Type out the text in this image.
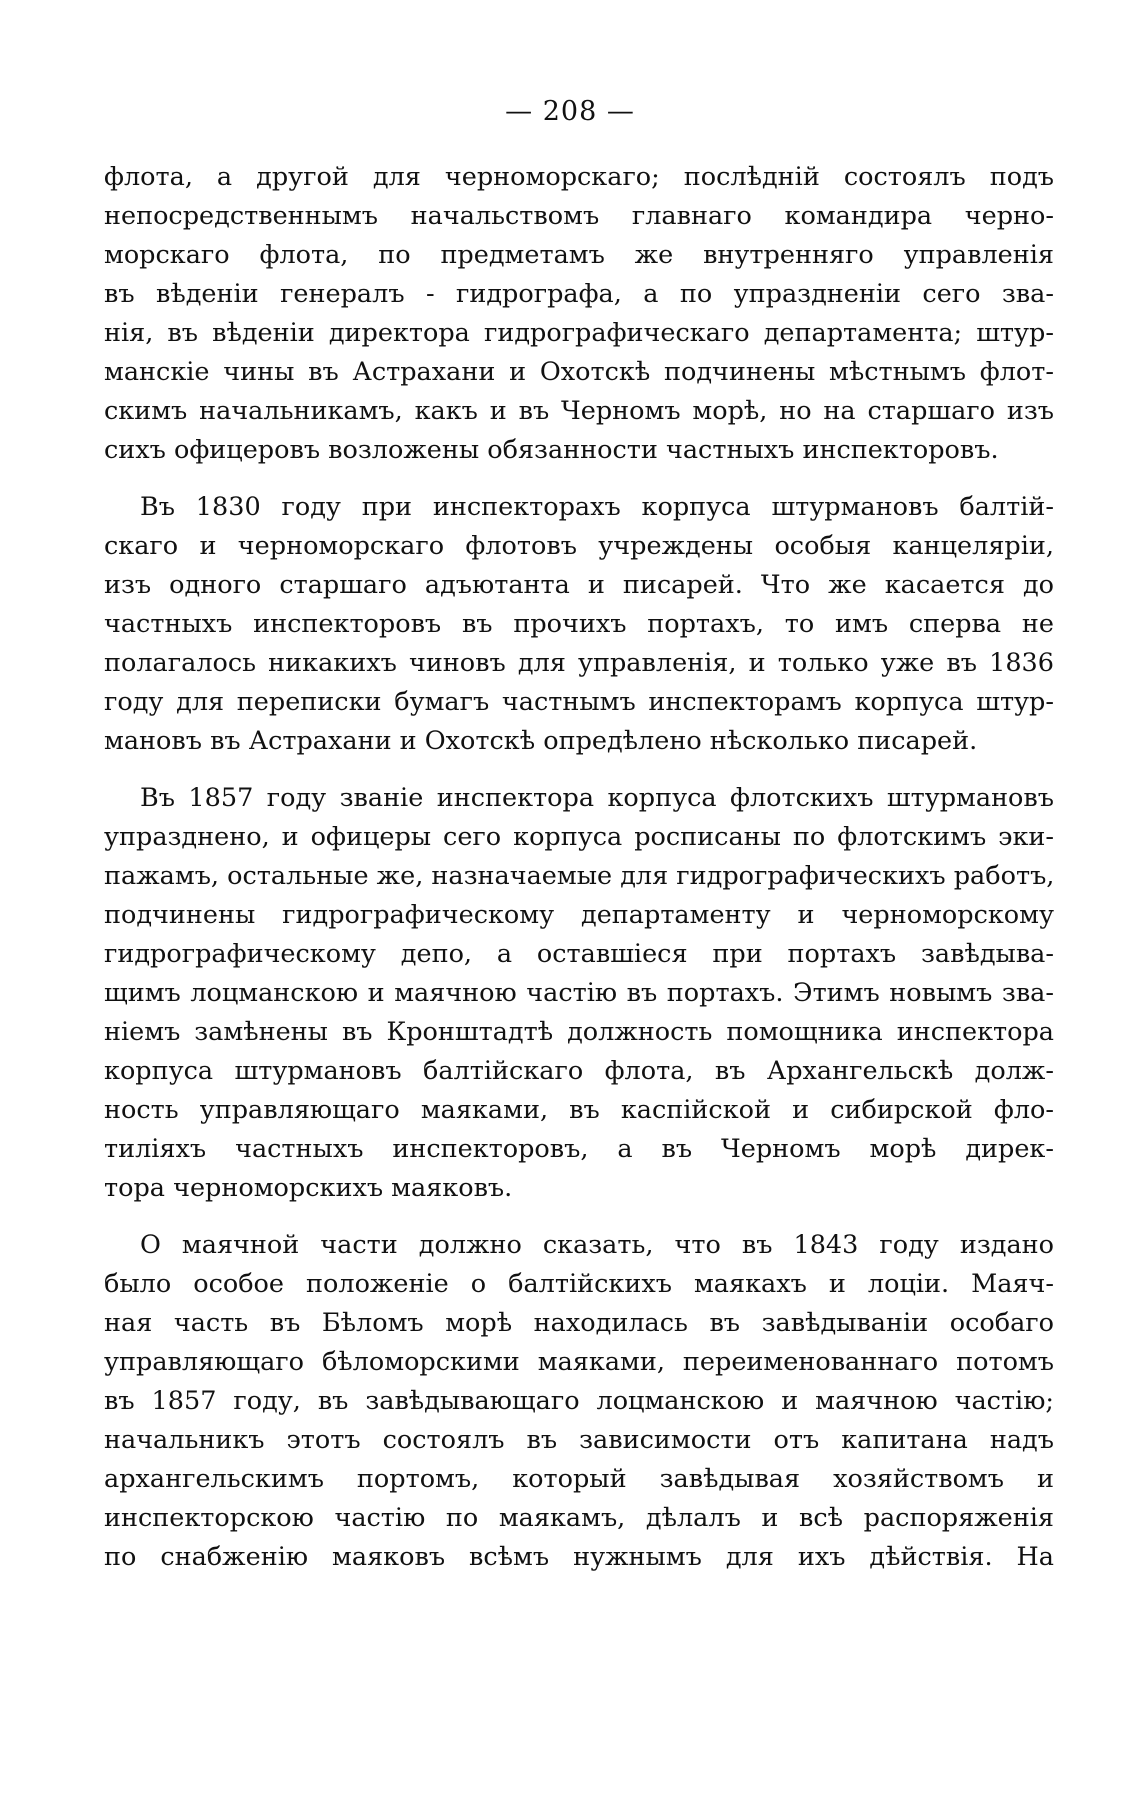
— 208 —
флота, а другой для черноморскаго; послѣдній состоялъ подъ
непосредственнымъ начальствомъ главнаго командира черно-
морскаго флота, по предметамъ же внутренняго управленія
въ вѣденіи генералъ - гидрографа, а по упраздненіи сего зва-
нія, въ вѣденіи директора гидрографическаго департамента; штур-
манскіе чины въ Астрахани и Охотскѣ подчинены мѣстнымъ флот-
скимъ начальникамъ, какъ и въ Черномъ морѣ, но на старшаго изъ
сихъ офицеровъ возложены обязанности частныхъ инспекторовъ.
Въ 1830 году при инспекторахъ корпуса штурмановъ балтій-
скаго и черноморскаго флотовъ учреждены особыя канцеляріи,
изъ одного старшаго адъютанта и писарей. Что же касается до
частныхъ инспекторовъ въ прочихъ портахъ, то имъ сперва не
полагалось никакихъ чиновъ для управленія, и только уже въ 1836
году для переписки бумагъ частнымъ инспекторамъ корпуса штур-
мановъ въ Астрахани и Охотскѣ опредѣлено нѣсколько писарей.
Въ 1857 году званіе инспектора корпуса флотскихъ штурмановъ
упразднено, и офицеры сего корпуса росписаны по флотскимъ эки-
пажамъ, остальные же, назначаемые для гидрографическихъ работъ,
подчинены гидрографическому департаменту и черноморскому
гидрографическому депо, а оставшіеся при портахъ завѣдыва-
щимъ лоцманскою и маячною частію въ портахъ. Этимъ новымъ зва-
ніемъ замѣнены въ Кронштадтѣ должность помощника инспектора
корпуса штурмановъ балтійскаго флота, въ Архангельскѣ долж-
ность управляющаго маяками, въ каспійской и сибирской фло-
тиліяхъ частныхъ инспекторовъ, а въ Черномъ морѣ дирек-
тора черноморскихъ маяковъ.
О маячной части должно сказать, что въ 1843 году издано
было особое положеніе о балтійскихъ маякахъ и лоціи. Маяч-
ная часть въ Бѣломъ морѣ находилась въ завѣдываніи особаго
управляющаго бѣломорскими маяками, переименованнаго потомъ
въ 1857 году, въ завѣдывающаго лоцманскою и маячною частію;
начальникъ этотъ состоялъ въ зависимости отъ капитана надъ
архангельскимъ портомъ, который завѣдывая хозяйствомъ и
инспекторскою частію по маякамъ, дѣлалъ и всѣ распоряженія
по снабженію маяковъ всѣмъ нужнымъ для ихъ дѣйствія. На
